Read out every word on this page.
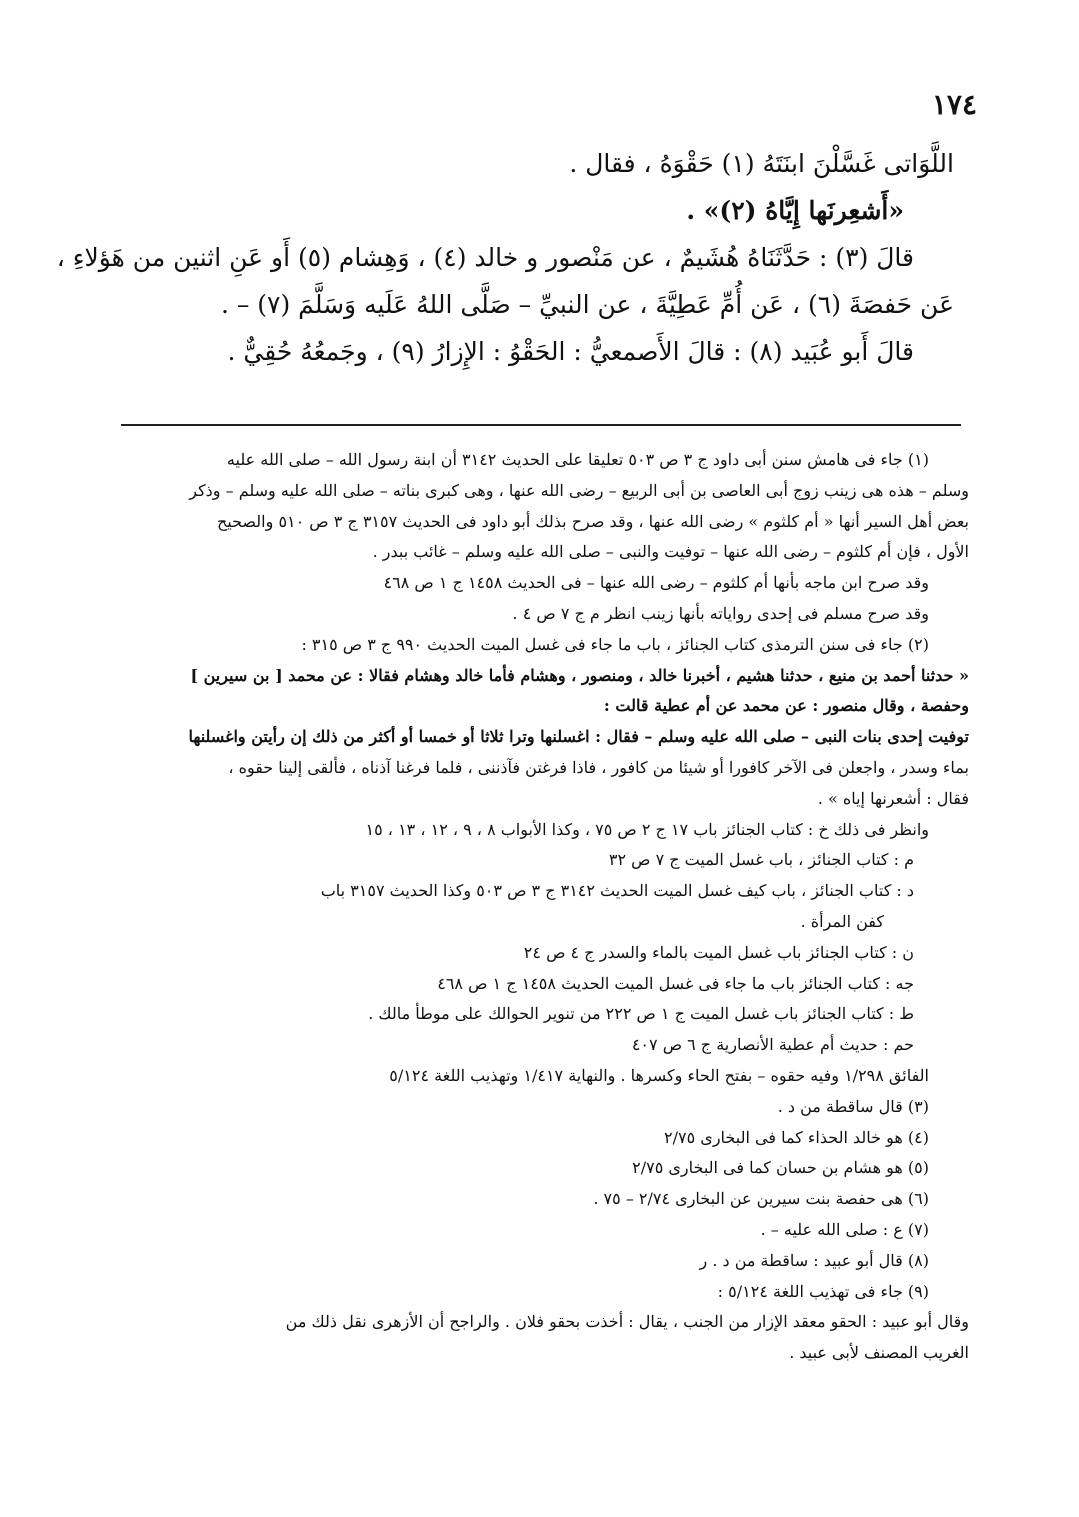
١٧٤

اللَّوَاتى غَسَّلْنَ ابنَتَهُ (١) حَقْوَهُ ، فقال .

«أَشعِرنَها إِيَّاهُ (٢)» .

قالَ (٣) : حَدَّثَنَاهُ هُشَيمٌ ، عن مَنْصور و خالد (٤) ، وَهِشام (٥) أَو عَنِ اثنين من هَؤلاءِ ،

عَن حَفصَةَ (٦) ، عَن أُمِّ عَطِيَّةَ ، عن النبيِّ – صَلَّى اللهُ عَلَيه وَسَلَّمَ (٧) – .

قالَ أَبو عُبَيد (٨) : قالَ الأَصمعيُّ : الحَقْوُ : الإِزارُ (٩) ، وجَمعُهُ حُقِيٌّ .

(١) جاء فى هامش سنن أبى داود ج ٣ ص ٥٠٣ تعليقا على الحديث ٣١٤٢ أن ابنة رسول الله – صلى الله عليه

وسلم – هذه هى زينب زوج أبى العاصى بن أبى الربيع – رضى الله عنها ، وهى كبرى بناته – صلى الله عليه وسلم – وذكر

بعض أهل السير أنها « أم كلثوم » رضى الله عنها ، وقد صرح بذلك أبو داود فى الحديث ٣١٥٧ ج ٣ ص ٥١٠ والصحيح

الأول ، فإن أم كلثوم – رضى الله عنها – توفيت والنبى – صلى الله عليه وسلم – غائب ببدر .

وقد صرح ابن ماجه بأنها أم كلثوم – رضى الله عنها – فى الحديث ١٤٥٨ ج ١ ص ٤٦٨

وقد صرح مسلم فى إحدى رواياته بأنها زينب انظر م ج ٧ ص ٤ .

(٢) جاء فى سنن الترمذى كتاب الجنائز ، باب ما جاء فى غسل الميت الحديث ٩٩٠ ج ٣ ص ٣١٥ :

« حدثنا أحمد بن منيع ، حدثنا هشيم ، أخبرنا خالد ، ومنصور ، وهشام فأما خالد وهشام فقالا : عن محمد [ بن سيرين ]

وحفصة ، وقال منصور : عن محمد عن أم عطية قالت :

توفيت إحدى بنات النبى – صلى الله عليه وسلم – فقال : اغسلنها وترا ثلاثا أو خمسا أو أكثر من ذلك إن رأيتن واغسلنها

بماء وسدر ، واجعلن فى الآخر كافورا أو شيئا من كافور ، فاذا فرغتن فآذننى ، فلما فرغنا آذناه ، فألقى إلينا حقوه ،

فقال : أشعرنها إياه » .

وانظر فى ذلك خ : كتاب الجنائز باب ١٧ ج ٢ ص ٧٥ ، وكذا الأبواب ٨ ، ٩ ، ١٢ ، ١٣ ، ١٥

م : كتاب الجنائز ، باب غسل الميت ج ٧ ص ٣٢

د : كتاب الجنائز ، باب كيف غسل الميت الحديث ٣١٤٢ ج ٣ ص ٥٠٣ وكذا الحديث ٣١٥٧ باب

كفن المرأة .

ن : كتاب الجنائز باب غسل الميت بالماء والسدر ج ٤ ص ٢٤

جه : كتاب الجنائز باب ما جاء فى غسل الميت الحديث ١٤٥٨ ج ١ ص ٤٦٨

ط : كتاب الجنائز باب غسل الميت ج ١ ص ٢٢٢ من تنوير الحوالك على موطأ مالك .

حم : حديث أم عطية الأنصارية ج ٦ ص ٤٠٧

الفائق ١/٢٩٨ وفيه حقوه – بفتح الحاء وكسرها . والنهاية ١/٤١٧ وتهذيب اللغة ٥/١٢٤

(٣) قال ساقطة من د .

(٤) هو خالد الحذاء كما فى البخارى ٢/٧٥

(٥) هو هشام بن حسان كما فى البخارى ٢/٧٥

(٦) هى حفصة بنت سيرين عن البخارى ٢/٧٤ – ٧٥ .

(٧) ع : صلى الله عليه – .

(٨) قال أبو عبيد : ساقطة من د . ر

(٩) جاء فى تهذيب اللغة ٥/١٢٤ :

وقال أبو عبيد : الحقو معقد الإزار من الجنب ، يقال : أخذت بحقو فلان . والراجح أن الأزهرى نقل ذلك من

الغريب المصنف لأبى عبيد .
